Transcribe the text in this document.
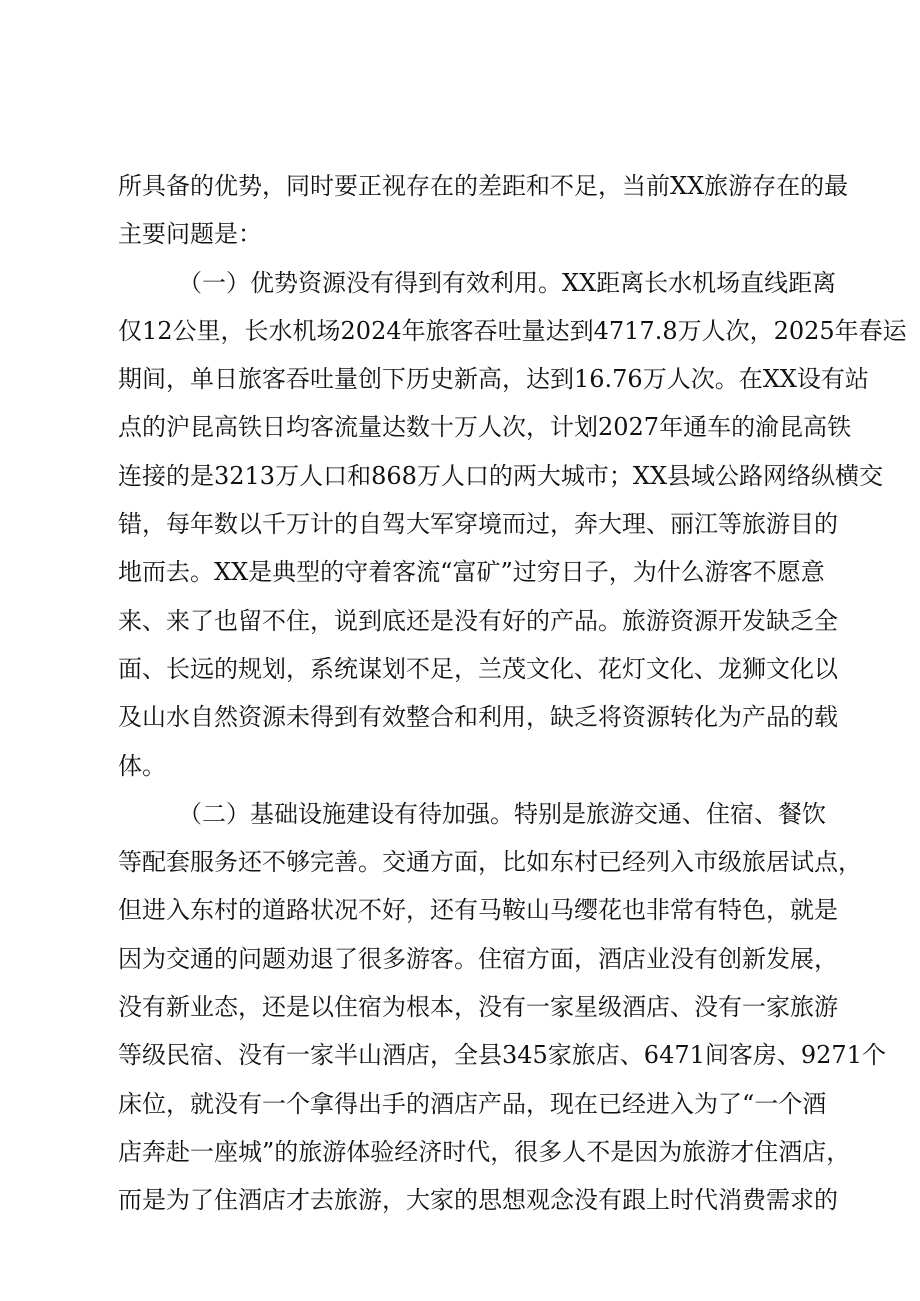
所具备的优势，同时要正视存在的差距和不足，当前XX旅游存在的最
主要问题是：
（一）优势资源没有得到有效利用。XX距离长水机场直线距离
仅12公里，长水机场2024年旅客吞吐量达到4717.8万人次，2025年春运
期间，单日旅客吞吐量创下历史新高，达到16.76万人次。在XX设有站
点的沪昆高铁日均客流量达数十万人次，计划2027年通车的渝昆高铁
连接的是3213万人口和868万人口的两大城市；XX县域公路网络纵横交
错，每年数以千万计的自驾大军穿境而过，奔大理、丽江等旅游目的
地而去。XX是典型的守着客流“富矿”过穷日子，为什么游客不愿意
来、来了也留不住，说到底还是没有好的产品。旅游资源开发缺乏全
面、长远的规划，系统谋划不足，兰茂文化、花灯文化、龙狮文化以
及山水自然资源未得到有效整合和利用，缺乏将资源转化为产品的载
体。
（二）基础设施建设有待加强。特别是旅游交通、住宿、餐饮
等配套服务还不够完善。交通方面，比如东村已经列入市级旅居试点，
但进入东村的道路状况不好，还有马鞍山马缨花也非常有特色，就是
因为交通的问题劝退了很多游客。住宿方面，酒店业没有创新发展，
没有新业态，还是以住宿为根本，没有一家星级酒店、没有一家旅游
等级民宿、没有一家半山酒店，全县345家旅店、6471间客房、9271个
床位，就没有一个拿得出手的酒店产品，现在已经进入为了“一个酒
店奔赴一座城”的旅游体验经济时代，很多人不是因为旅游才住酒店，
而是为了住酒店才去旅游，大家的思想观念没有跟上时代消费需求的
